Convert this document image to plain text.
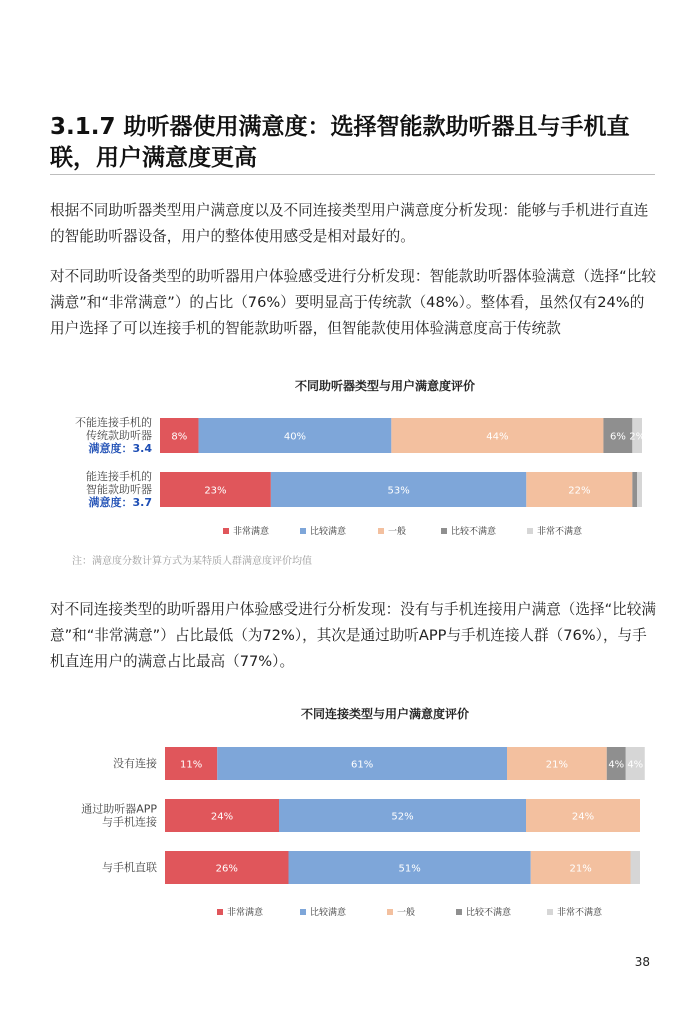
3.1.7 助听器使用满意度：选择智能款助听器且与手机直联，用户满意度更高

根据不同助听器类型用户满意度以及不同连接类型用户满意度分析发现：能够与手机进行直连的智能助听器设备，用户的整体使用感受是相对最好的。

对不同助听设备类型的助听器用户体验感受进行分析发现：智能款助听器体验满意（选择“比较满意”和“非常满意”）的占比（76%）要明显高于传统款（48%）。整体看，虽然仅有24%的用户选择了可以连接手机的智能款助听器，但智能款使用体验满意度高于传统款

不同助听器类型与用户满意度评价
不能连接手机的
传统款助听器
满意度：3.4
8%	40%	44%	6% 2%
能连接手机的
智能款助听器
满意度：3.7
23%	53%	22%
非常满意	比较满意	一般	比较不满意	非常不满意
注：满意度分数计算方式为某特质人群满意度评价均值

对不同连接类型的助听器用户体验感受进行分析发现：没有与手机连接用户满意（选择“比较满意”和“非常满意”）占比最低（为72%），其次是通过助听APP与手机连接人群（76%），与手机直连用户的满意占比最高（77%）。

不同连接类型与用户满意度评价
没有连接 11%	61%	21%	4% 4%
通过助听器APP
与手机连接	24%	52%	24%
与手机直联	26%	51%	21%
非常满意	比较满意	一般	比较不满意	非常不满意
38
